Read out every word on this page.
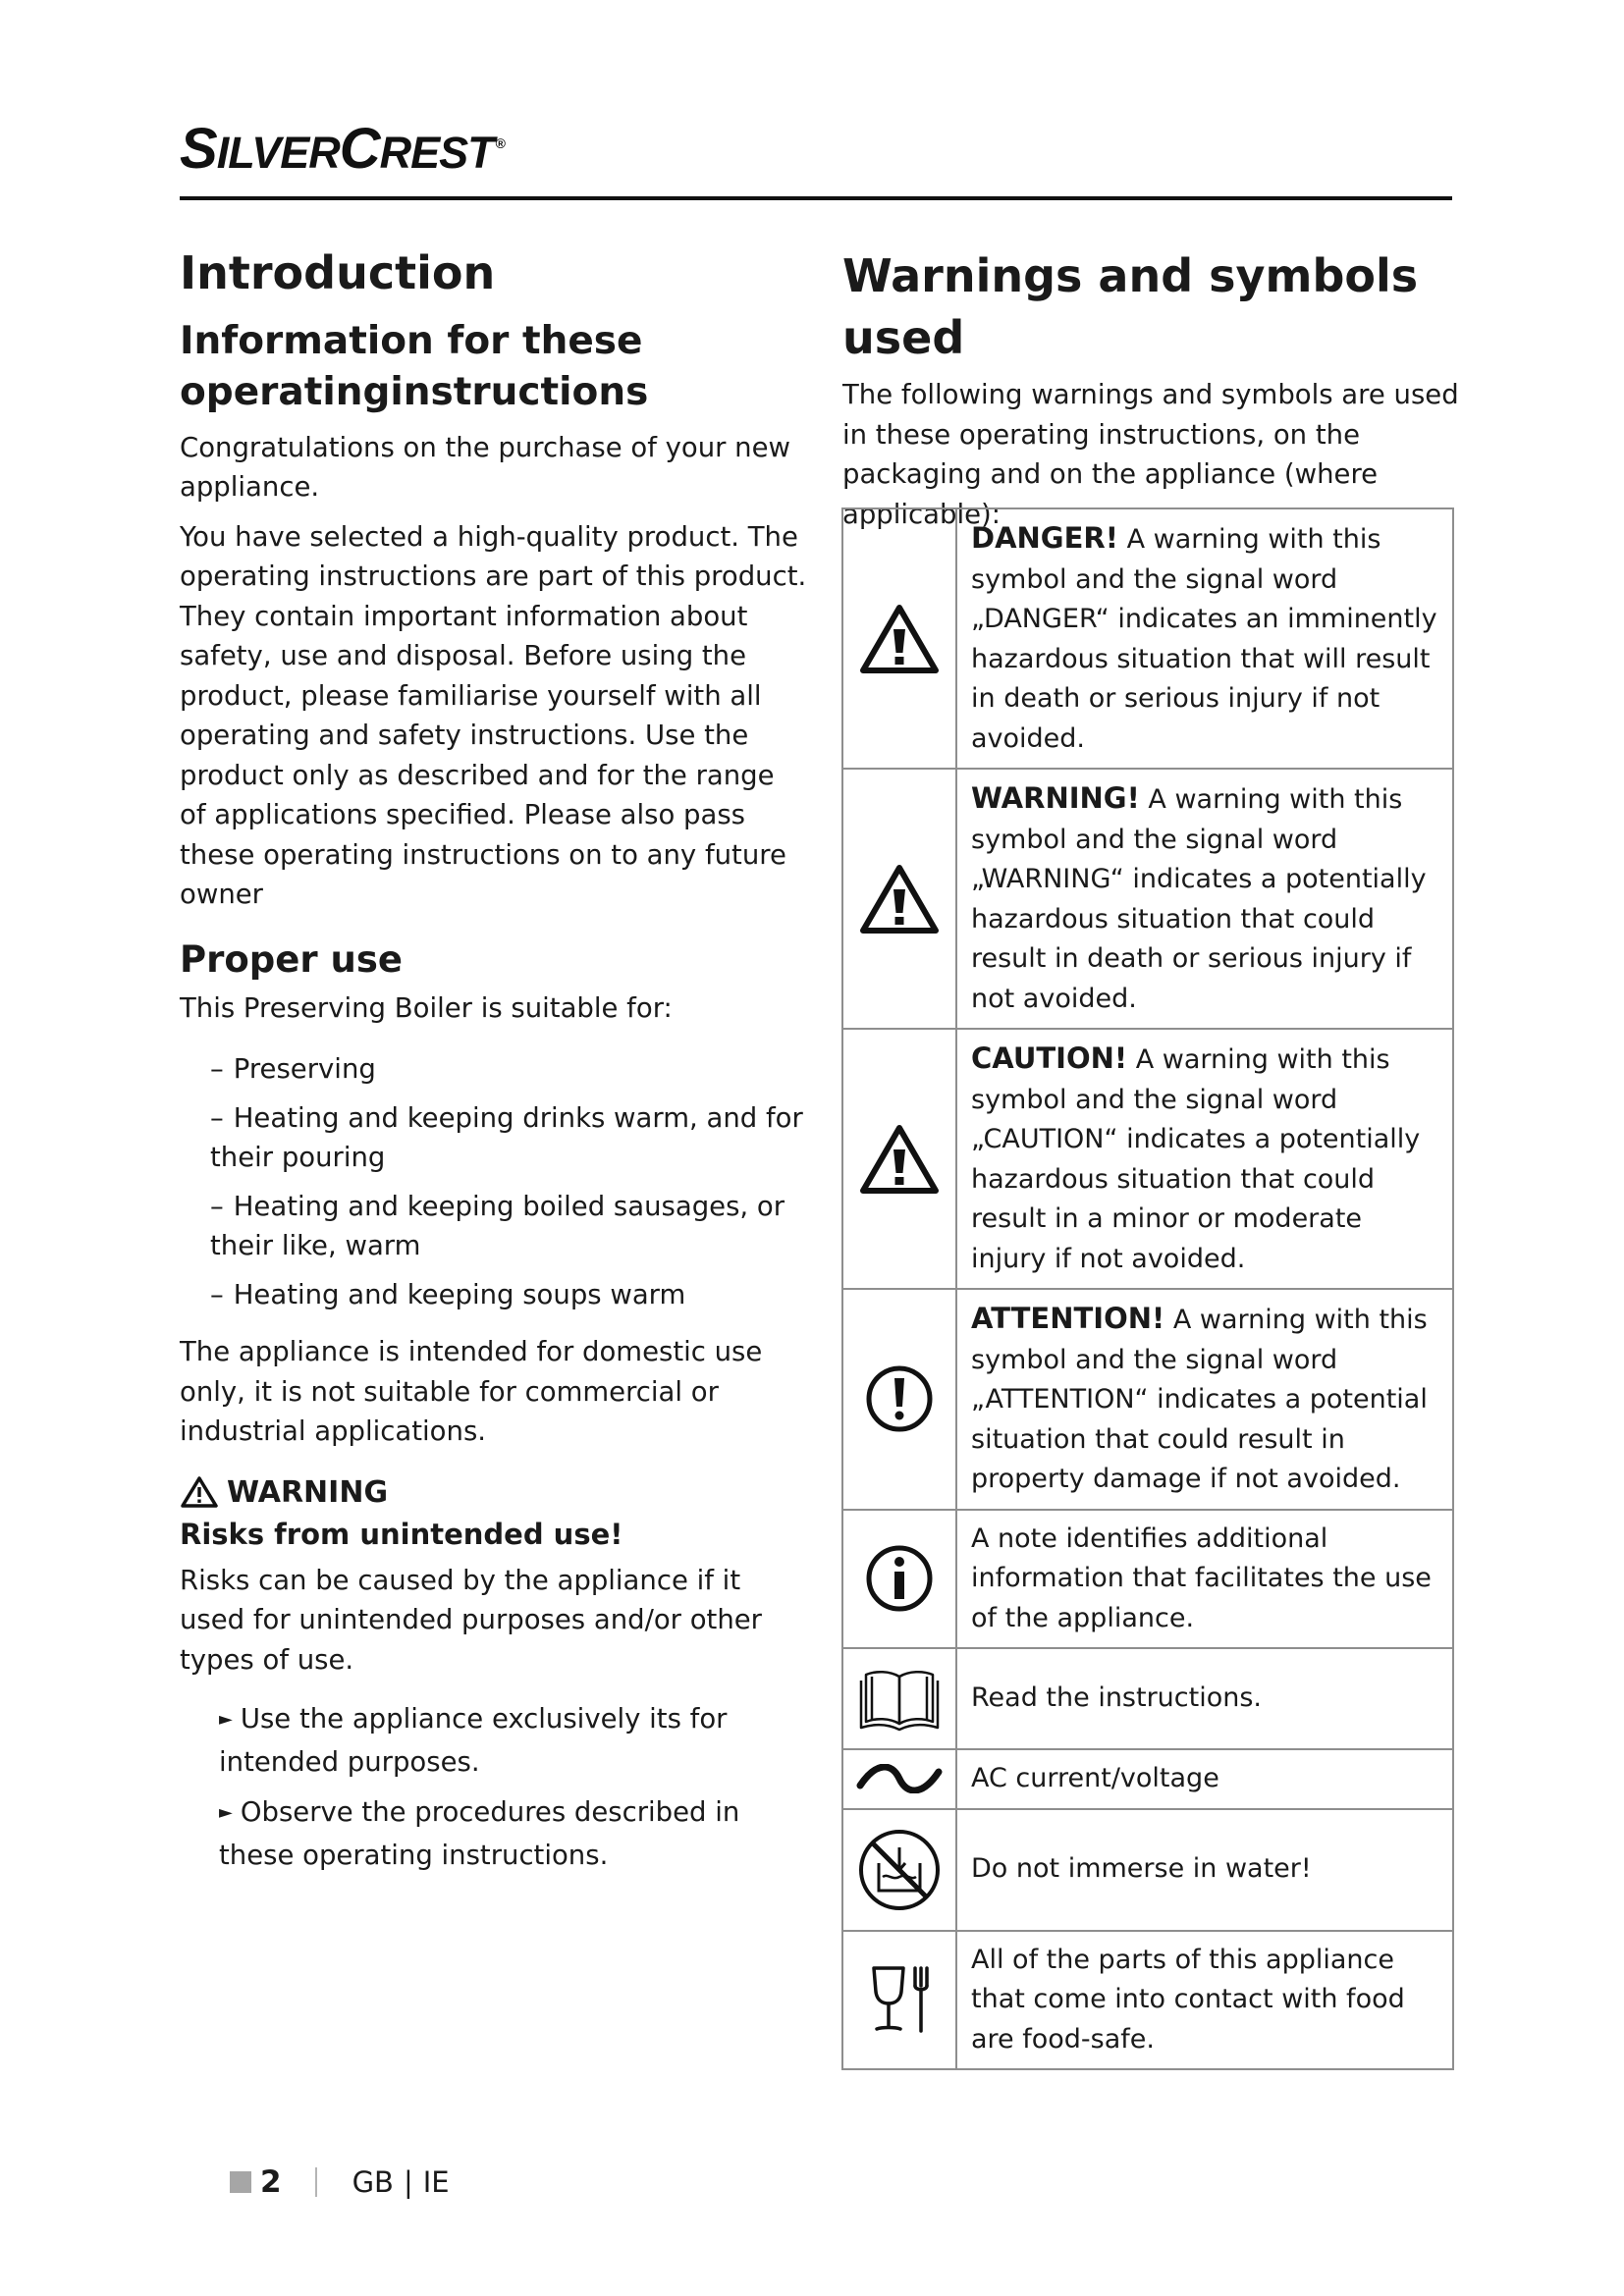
SILVERCREST ®
Introduction
Information for these operatinginstructions

Congratulations on the purchase of your new appliance.

You have selected a high-quality product. The operating instructions are part of this product. They contain important information about safety, use and disposal. Before using the product, please familiarise yourself with all operating and safety instructions. Use the product only as described and for the range of applications specified. Please also pass these operating instructions on to any future owner

Proper use

This Preserving Boiler is suitable for:

– Preserving
– Heating and keeping drinks warm, and for their pouring
– Heating and keeping boiled sausages, or their like, warm
– Heating and keeping soups warm

The appliance is intended for domestic use only, it is not suitable for commercial or industrial applications.

WARNING
Risks from unintended use!

Risks can be caused by the appliance if it used for unintended purposes and/or other types of use.

► Use the appliance exclusively its for intended purposes.
► Observe the procedures described in these operating instructions.
Warnings and symbols used

The following warnings and symbols are used in these operating instructions, on the packaging and on the appliance (where applicable):

	DANGER! A warning with this symbol and the signal word „DANGER“ indicates an imminently hazardous situation that will result in death or serious injury if not avoided.

	WARNING! A warning with this symbol and the signal word „WARNING“ indicates a potentially hazardous situation that could result in death or serious injury if not avoided.

	CAUTION! A warning with this symbol and the signal word „CAUTION“ indicates a potentially hazardous situation that could result in a minor or moderate injury if not avoided.

	ATTENTION! A warning with this symbol and the signal word „ATTENTION“ indicates a potential situation that could result in property damage if not avoided.

	A note identifies additional information that facilitates the use of the appliance.

	Read the instructions.

	AC current/voltage

	Do not immerse in water!

	All of the parts of this appliance that come into contact with food are food-safe.
2 GB | IE
